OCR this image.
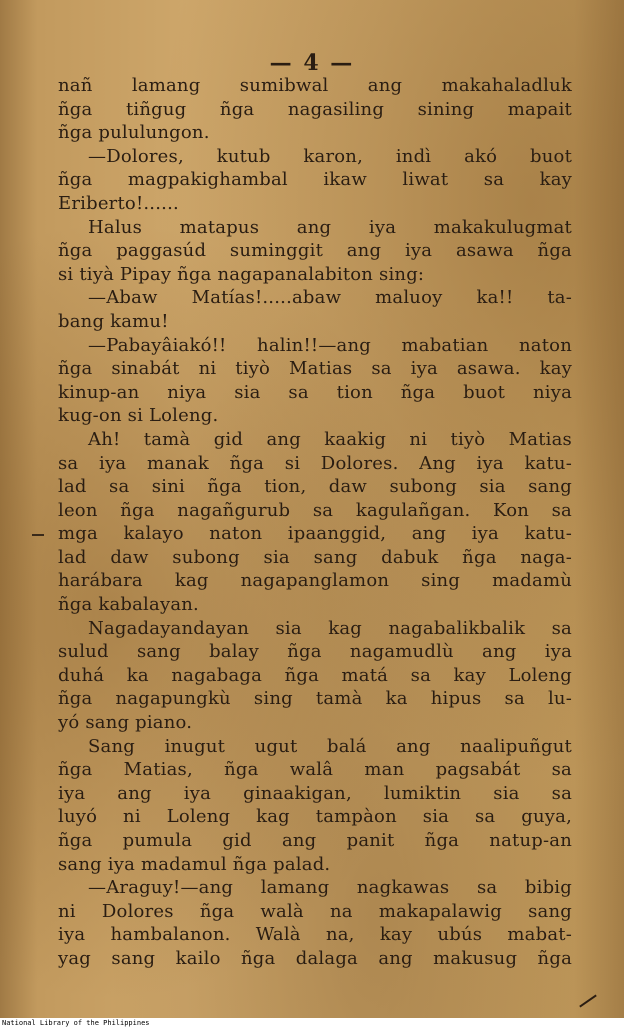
— 4 —
nañ lamang sumibwal ang makahaladluk
ñga tiñgug ñga nagasiling sining mapait
ñga pululungon.
—Dolores, kutub karon, indì akó buot
ñga magpakighambal ikaw liwat sa kay
Eriberto!......
Halus matapus ang iya makakulugmat
ñga paggasúd suminggit ang iya asawa ñga
si tiyà Pipay ñga nagapanalabiton sing:
—Abaw Matías!.....abaw maluoy ka!! ta-
bang kamu!
—Pabayâiakó!! halin!!—ang mabatian naton
ñga sinabát ni tiyò Matias sa iya asawa. kay
kinup-an niya sia sa tion ñga buot niya
kug-on si Loleng.
Ah! tamà gid ang kaakig ni tiyò Matias
sa iya manak ñga si Dolores. Ang iya katu-
lad sa sini ñga tion, daw subong sia sang
leon ñga nagañgurub sa kagulañgan. Kon sa
mga kalayo naton ipaanggid, ang iya katu-
lad daw subong sia sang dabuk ñga naga-
harábara kag nagapanglamon sing madamù
ñga kabalayan.
Nagadayandayan sia kag nagabalikbalik sa
sulud sang balay ñga nagamudlù ang iya
duhá ka nagabaga ñga matá sa kay Loleng
ñga nagapungkù sing tamà ka hipus sa lu-
yó sang piano.
Sang inugut ugut balá ang naalipuñgut
ñga Matias, ñga walâ man pagsabát sa
iya ang iya ginaakigan, lumiktin sia sa
luyó ni Loleng kag tampàon sia sa guya,
ñga pumula gid ang panit ñga natup-an
sang iya madamul ñga palad.
—Araguy!—ang lamang nagkawas sa bibig
ni Dolores ñga walà na makapalawig sang
iya hambalanon. Walà na, kay ubús mabat-
yag sang kailo ñga dalaga ang makusug ñga
National Library of the Philippines
